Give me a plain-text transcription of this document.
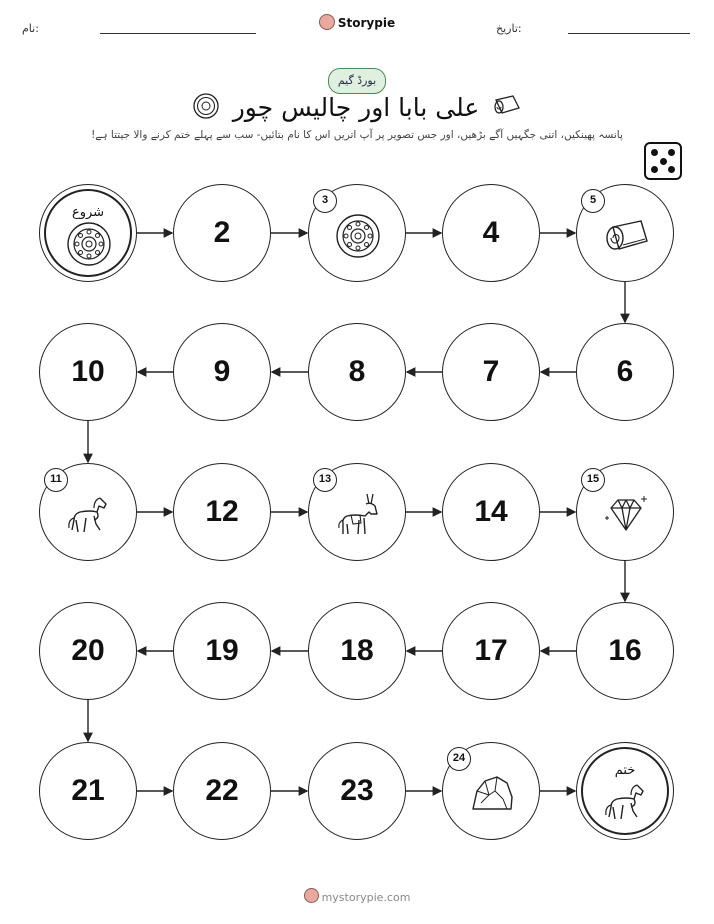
تاریخ:
نام:	Storypie
بورڈ گیم
علی بابا اور چالیس چور
پانسہ پھینکیں، اتنی جگہیں آگے بڑھیں، اور جس تصویر پر آپ اتریں اس کا نام بتائیں- سب سے پہلے ختم کرنے والا جیتتا ہے!
شروع
2
3
4
5
6
7
8
9
10
11
12
13
14
15
16
17
18
19
20
21	22	23
24
ختم
mystorypie.com
